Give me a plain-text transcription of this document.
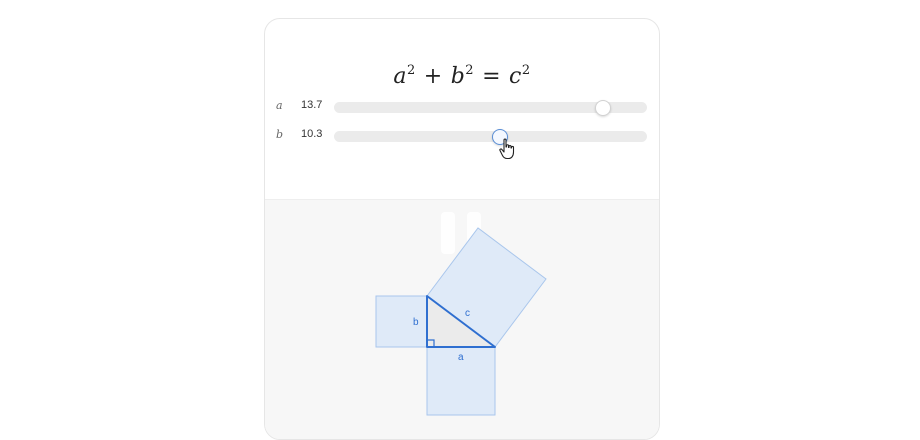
$a^2 + b^2 = c^2$
a 13.7
b 10.3
b
a
c
